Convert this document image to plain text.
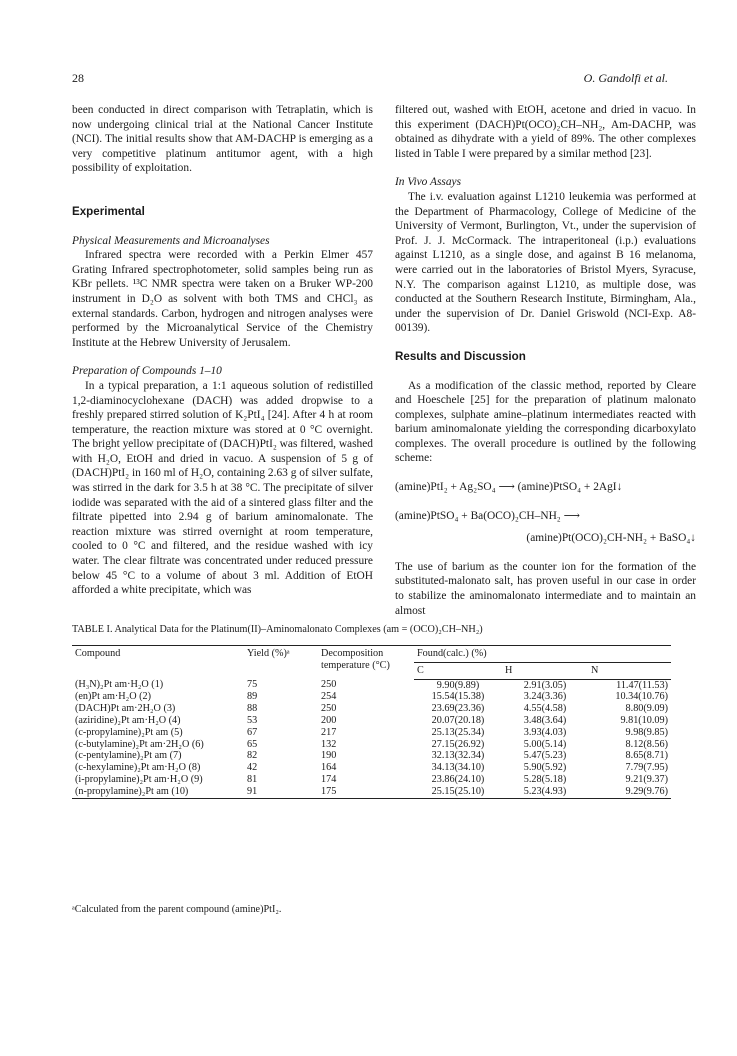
28	O. Gandolfi et al.

been conducted in direct comparison with Tetraplatin, which is now undergoing clinical trial at the National Cancer Institute (NCI). The initial results show that AM-DACHP is emerging as a very competitive platinum antitumor agent, with a high possibility of exploitation.

Experimental

Physical Measurements and Microanalyses

Infrared spectra were recorded with a Perkin Elmer 457 Grating Infrared spectrophotometer, solid samples being run as KBr pellets. ¹³C NMR spectra were taken on a Bruker WP-200 instrument in D₂O as solvent with both TMS and CHCl₃ as external standards. Carbon, hydrogen and nitrogen analyses were performed by the Microanalytical Service of the Chemistry Institute at the Hebrew University of Jerusalem.

Preparation of Compounds 1–10

In a typical preparation, a 1:1 aqueous solution of redistilled 1,2-diaminocyclohexane (DACH) was added dropwise to a freshly prepared stirred solution of K₂PtI₄ [24]. After 4 h at room temperature, the reaction mixture was stored at 0 °C overnight. The bright yellow precipitate of (DACH)PtI₂ was filtered, washed with H₂O, EtOH and dried in vacuo. A suspension of 5 g of (DACH)PtI₂ in 160 ml of H₂O, containing 2.63 g of silver sulfate, was stirred in the dark for 3.5 h at 38 °C. The precipitate of silver iodide was separated with the aid of a sintered glass filter and the filtrate pipetted into 2.94 g of barium aminomalonate. The reaction mixture was stirred overnight at room temperature, cooled to 0 °C and filtered, and the residue washed with icy water. The clear filtrate was concentrated under reduced pressure below 45 °C to a volume of about 3 ml. Addition of EtOH afforded a white precipitate, which was

filtered out, washed with EtOH, acetone and dried in vacuo. In this experiment (DACH)Pt(OCO)₂CH–NH₂, Am-DACHP, was obtained as dihydrate with a yield of 89%. The other complexes listed in Table I were prepared by a similar method [23].

In Vivo Assays

The i.v. evaluation against L1210 leukemia was performed at the Department of Pharmacology, College of Medicine of the University of Vermont, Burlington, Vt., under the supervision of Prof. J. J. McCormack. The intraperitoneal (i.p.) evaluations against L1210, as a single dose, and against B 16 melanoma, were carried out in the laboratories of Bristol Myers, Syracuse, N.Y. The comparison against L1210, as multiple dose, was conducted at the Southern Research Institute, Birmingham, Ala., under the supervision of Dr. Daniel Griswold (NCI-Exp. A8-00139).

Results and Discussion

As a modification of the classic method, reported by Cleare and Hoeschele [25] for the preparation of platinum malonato complexes, sulphate amine–platinum intermediates reacted with barium aminomalonate yielding the corresponding dicarboxylato complexes. The overall procedure is outlined by the following scheme:

(amine)PtI₂ + Ag₂SO₄ ⟶ (amine)PtSO₄ + 2AgI↓

(amine)PtSO₄ + Ba(OCO)₂CH–NH₂ ⟶

(amine)Pt(OCO)₂CH-NH₂ + BaSO₄↓

The use of barium as the counter ion for the formation of the substituted-malonato salt, has proven useful in our case in order to stabilize the aminomalonato intermediate and to maintain an almost

TABLE I. Analytical Data for the Platinum(II)–Aminomalonato Complexes (am = (OCO)₂CH–NH₂)
Compound	Yield (%)ᵃ	Decomposition temperature (°C)	Found(calc.) (%)		
			C	H	N
(H₃N)₂Pt am·H₂O (1)	75	250	9.90(9.89)	2.91(3.05)	11.47(11.53)
(en)Pt am·H₂O (2)	89	254	15.54(15.38)	3.24(3.36)	10.34(10.76)
(DACH)Pt am·2H₂O (3)	88	250	23.69(23.36)	4.55(4.58)	8.80(9.09)
(aziridine)₂Pt am·H₂O (4)	53	200	20.07(20.18)	3.48(3.64)	9.81(10.09)
(c-propylamine)₂Pt am (5)	67	217	25.13(25.34)	3.93(4.03)	9.98(9.85)
(c-butylamine)₂Pt am·2H₂O (6)	65	132	27.15(26.92)	5.00(5.14)	8.12(8.56)
(c-pentylamine)₂Pt am (7)	82	190	32.13(32.34)	5.47(5.23)	8.65(8.71)
(c-hexylamine)₂Pt am·H₂O (8)	42	164	34.13(34.10)	5.90(5.92)	7.79(7.95)
(i-propylamine)₂Pt am·H₂O (9)	81	174	23.86(24.10)	5.28(5.18)	9.21(9.37)
(n-propylamine)₂Pt am (10)	91	175	25.15(25.10)	5.23(4.93)	9.29(9.76)
ᵃCalculated from the parent compound (amine)PtI₂.
